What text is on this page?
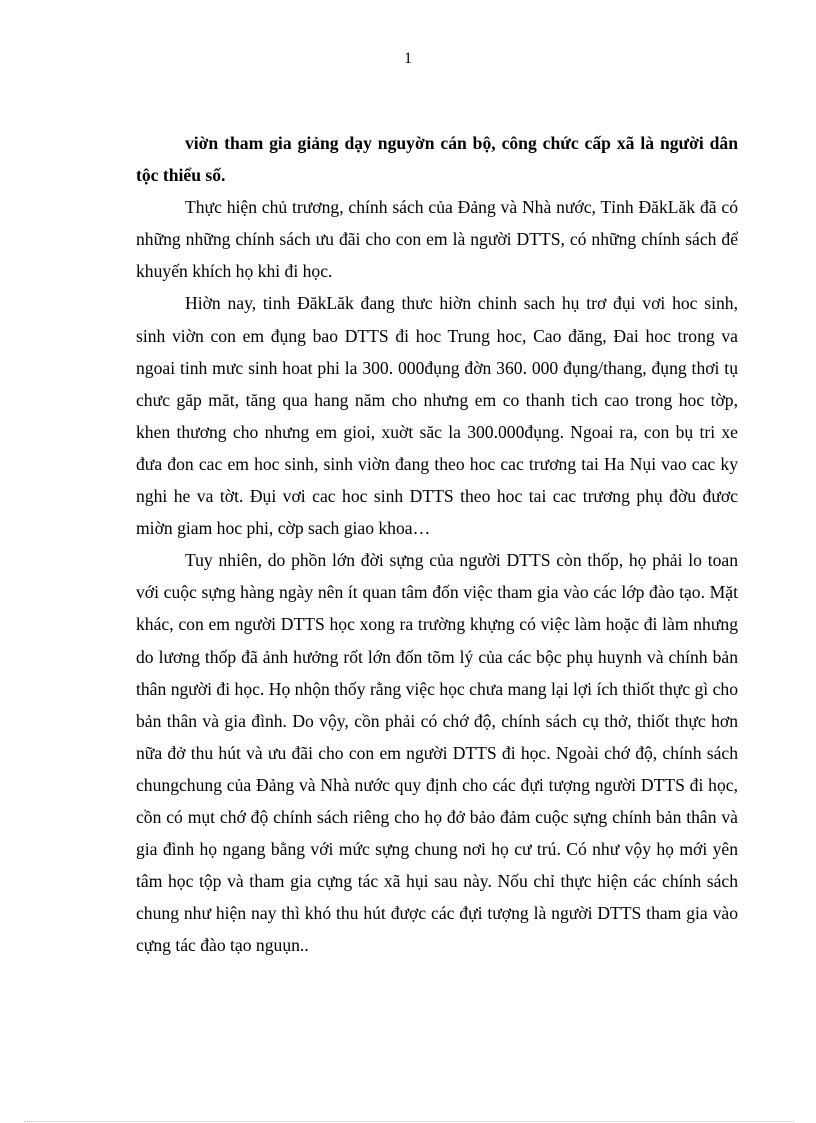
1

viờn tham gia giảng dạy nguyờn cán bộ, công chức cấp xã là người dân tộc thiểu số.

Thực hiện chủ trương, chính sách của Đảng và Nhà nước, Tỉnh ĐăkLăk đã có những những chính sách ưu đãi cho con em là người DTTS, có những chính sách để khuyến khích họ khi đi học.

Hiờn nay, tinh ĐăkLăk đang thưc hiờn chinh sach hụ trơ đụi vơi hoc sinh, sinh viờn con em đụng bao DTTS đi hoc Trung hoc, Cao đăng, Đai hoc trong va ngoai tinh mưc sinh hoat phi la 300. 000đụng đờn 360. 000 đụng/thang, đụng thơi tụ chưc găp măt, tăng qua hang năm cho nhưng em co thanh tich cao trong hoc tờp, khen thương cho nhưng em gioi, xuờt săc la 300.000đụng. Ngoai ra, con bụ tri xe đưa đon cac em hoc sinh, sinh viờn đang theo hoc cac trương tai Ha Nụi vao cac ky nghi he va tờt. Đụi vơi cac hoc sinh DTTS theo hoc tai cac trương phụ đờu đươc miờn giam hoc phi, cờp sach giao khoa…

Tuy nhiên, do phồn lớn đời sựng của người DTTS còn thốp, họ phải lo toan với cuộc sựng hàng ngày nên ít quan tâm đốn việc tham gia vào các lớp đào tạo. Mặt khác, con em người DTTS học xong ra trường khựng có việc làm hoặc đi làm nhưng do lương thốp đã ảnh hưởng rốt lớn đốn tõm lý của các bộc phụ huynh và chính bản thân người đi học. Họ nhộn thốy rằng việc học chưa mang lại lợi ích thiốt thực gì cho bản thân và gia đình. Do vộy, cồn phải có chớ độ, chính sách cụ thở, thiốt thực hơn nữa đở thu hút và ưu đãi cho con em người DTTS đi học. Ngoài chớ độ, chính sách chungchung của Đảng và Nhà nước quy định cho các đựi tượng người DTTS đi học, cồn có mụt chớ độ chính sách riêng cho họ đở bảo đảm cuộc sựng chính bản thân và gia đình họ ngang bằng với mức sựng chung nơi họ cư trú. Có như vộy họ mới yên tâm học tộp và tham gia cựng tác xã hụi sau này. Nốu chỉ thực hiện các chính sách chung như hiện nay thì khó thu hút được các đựi tượng là người DTTS tham gia vào cựng tác đào tạo nguụn..
